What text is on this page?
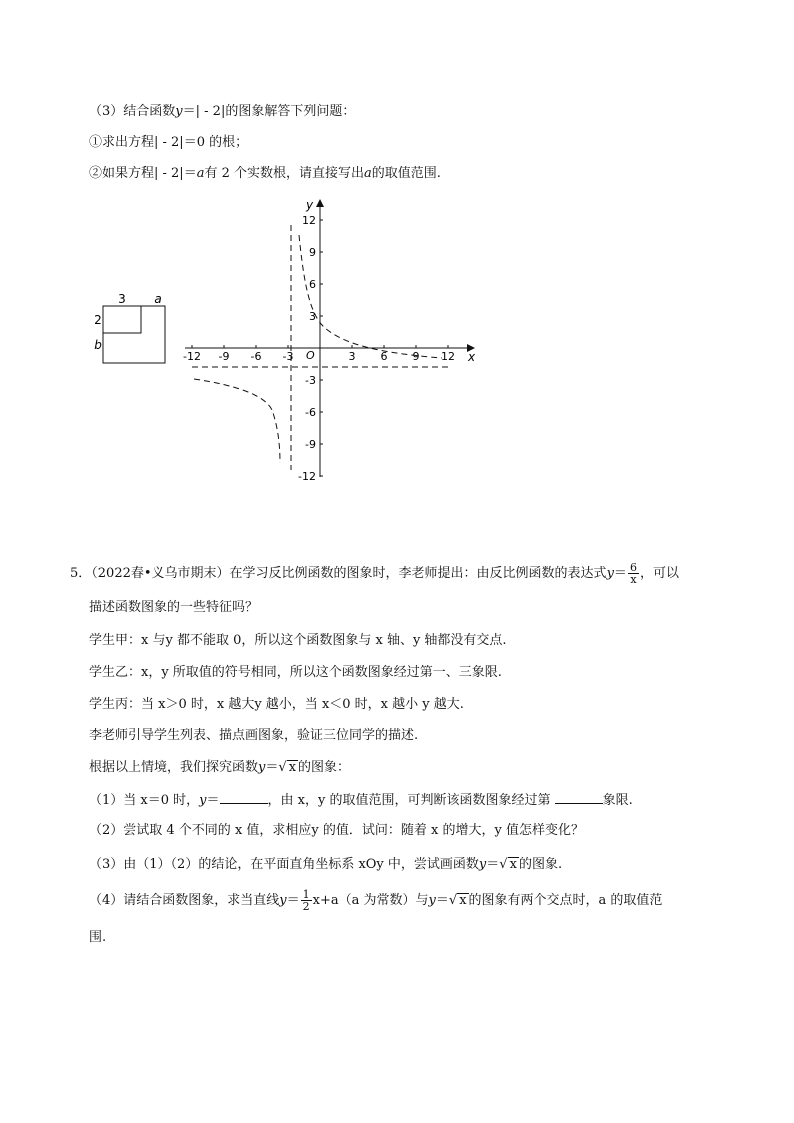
（3）结合函数y＝| - 2|的图象解答下列问题：
①求出方程| - 2|＝0 的根；
②如果方程| - 2|＝a有 2 个实数根，请直接写出a的取值范围.
3 a
2
b
x
y
O
-12 -9 -6 -3	3 6 9 12
12
9
6
3
-3
-6
-9
-12
5．（2022春•义乌市期末）在学习反比例函数的图象时，李老师提出：由反比例函数的表达式$y= \frac{6}{x}$ ，可以
描述函数图象的一些特征吗？
学生甲：x 与y 都不能取 0，所以这个函数图象与 x 轴、y 轴都没有交点.
学生乙：x，y 所取值的符号相同，所以这个函数图象经过第一、三象限.
学生丙：当 x＞0 时，x 越大y 越小，当 x＜0 时，x 越小 y 越大.
李老师引导学生列表、描点画图象，验证三位同学的描述.
根据以上情境，我们探究函数y＝√ x 的图象：
（1）当 x＝0 时，y＝	，由 x，y 的取值范围，可判断该函数图象经过第	象限.
（2）尝试取 4 个不同的 x 值，求相应y 的值．试问：随着 x 的增大，y 值怎样变化？
（3）由（1）（2）的结论，在平面直角坐标系 xOy 中，尝试画函数y＝√ x 的图象.
（4）请结合函数图象，求当直线$y= \frac{1}{2} x+a(a$ 为常数）与y＝√ x 的图象有两个交点时，a 的取值范
围.
